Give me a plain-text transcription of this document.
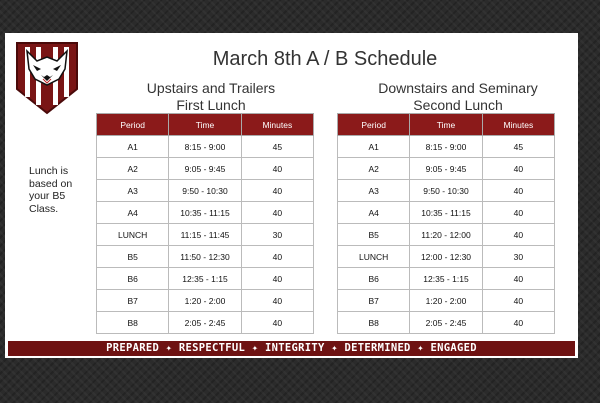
March 8th A / B Schedule
Upstairs and Trailers
First Lunch
Downstairs and Seminary
Second Lunch
Lunch is based on your B5 Class.
Period	Time	Minutes
A1	8:15 - 9:00	45
A2	9:05 - 9:45	40
A3	9:50 - 10:30	40
A4	10:35 - 11:15	40
LUNCH	11:15 - 11:45	30
B5	11:50 - 12:30	40
B6	12:35 - 1:15	40
B7	1:20 - 2:00	40
B8	2:05 - 2:45	40
Period	Time	Minutes
A1	8:15 - 9:00	45
A2	9:05 - 9:45	40
A3	9:50 - 10:30	40
A4	10:35 - 11:15	40
B5	11:20 - 12:00	40
LUNCH	12:00 - 12:30	30
B6	12:35 - 1:15	40
B7	1:20 - 2:00	40
B8	2:05 - 2:45	40
PREPARED ✦ RESPECTFUL ✦ INTEGRITY ✦ DETERMINED ✦ ENGAGED
